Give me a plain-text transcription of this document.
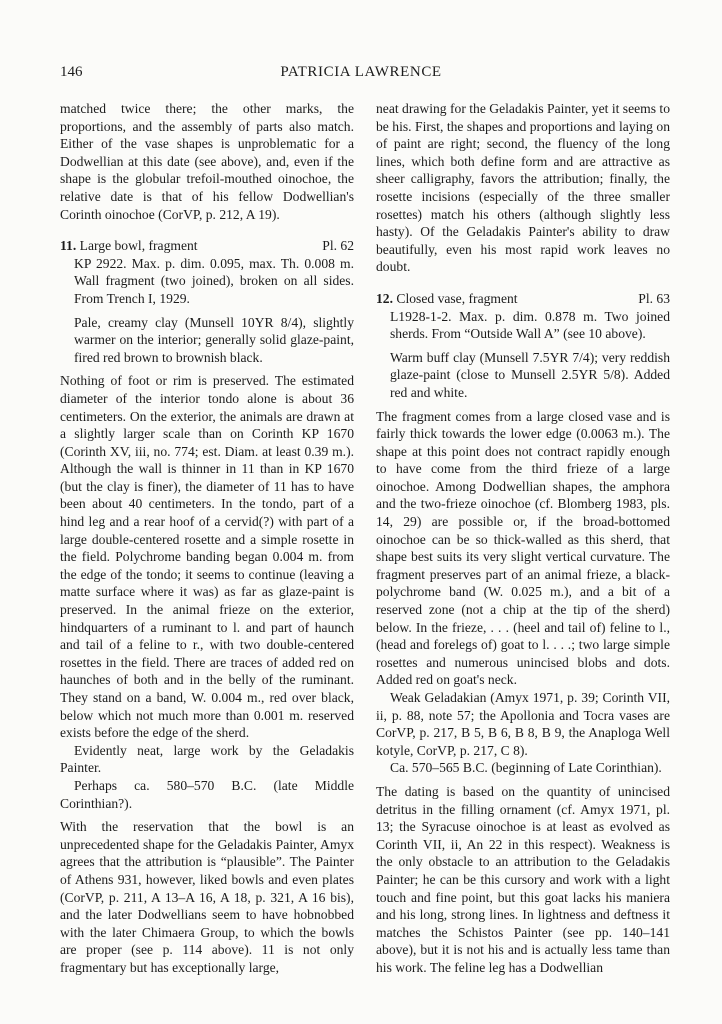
146	PATRICIA LAWRENCE

matched twice there; the other marks, the proportions, and the assembly of parts also match. Either of the vase shapes is unproblematic for a Dodwellian at this date (see above), and, even if the shape is the globular trefoil-mouthed oinochoe, the relative date is that of his fellow Dodwellian's Corinth oinochoe (CorVP, p. 212, A 19).

11. Large bowl, fragment	Pl. 62

KP 2922. Max. p. dim. 0.095, max. Th. 0.008 m. Wall fragment (two joined), broken on all sides. From Trench I, 1929.

Pale, creamy clay (Munsell 10YR 8/4), slightly warmer on the interior; generally solid glaze-paint, fired red brown to brownish black.

Nothing of foot or rim is preserved. The estimated diameter of the interior tondo alone is about 36 centimeters. On the exterior, the animals are drawn at a slightly larger scale than on Corinth KP 1670 (Corinth XV, iii, no. 774; est. Diam. at least 0.39 m.). Although the wall is thinner in 11 than in KP 1670 (but the clay is finer), the diameter of 11 has to have been about 40 centimeters. In the tondo, part of a hind leg and a rear hoof of a cervid(?) with part of a large double-centered rosette and a simple rosette in the field. Polychrome banding began 0.004 m. from the edge of the tondo; it seems to continue (leaving a matte surface where it was) as far as glaze-paint is preserved. In the animal frieze on the exterior, hindquarters of a ruminant to l. and part of haunch and tail of a feline to r., with two double-centered rosettes in the field. There are traces of added red on haunches of both and in the belly of the ruminant. They stand on a band, W. 0.004 m., red over black, below which not much more than 0.001 m. reserved exists before the edge of the sherd.

Evidently neat, large work by the Geladakis Painter.

Perhaps ca. 580–570 B.C. (late Middle Corinthian?).

With the reservation that the bowl is an unprecedented shape for the Geladakis Painter, Amyx agrees that the attribution is “plausible”. The Painter of Athens 931, however, liked bowls and even plates (CorVP, p. 211, A 13–A 16, A 18, p. 321, A 16 bis), and the later Dodwellians seem to have hobnobbed with the later Chimaera Group, to which the bowls are proper (see p. 114 above). 11 is not only fragmentary but has exceptionally large,

neat drawing for the Geladakis Painter, yet it seems to be his. First, the shapes and proportions and laying on of paint are right; second, the fluency of the long lines, which both define form and are attractive as sheer calligraphy, favors the attribution; finally, the rosette incisions (especially of the three smaller rosettes) match his others (although slightly less hasty). Of the Geladakis Painter's ability to draw beautifully, even his most rapid work leaves no doubt.

12. Closed vase, fragment	Pl. 63

L1928-1-2. Max. p. dim. 0.878 m. Two joined sherds. From “Outside Wall A” (see 10 above).

Warm buff clay (Munsell 7.5YR 7/4); very reddish glaze-paint (close to Munsell 2.5YR 5/8). Added red and white.

The fragment comes from a large closed vase and is fairly thick towards the lower edge (0.0063 m.). The shape at this point does not contract rapidly enough to have come from the third frieze of a large oinochoe. Among Dodwellian shapes, the amphora and the two-frieze oinochoe (cf. Blomberg 1983, pls. 14, 29) are possible or, if the broad-bottomed oinochoe can be so thick-walled as this sherd, that shape best suits its very slight vertical curvature. The fragment preserves part of an animal frieze, a black-polychrome band (W. 0.025 m.), and a bit of a reserved zone (not a chip at the tip of the sherd) below. In the frieze, . . . (heel and tail of) feline to l., (head and forelegs of) goat to l. . . .; two large simple rosettes and numerous unincised blobs and dots. Added red on goat's neck.

Weak Geladakian (Amyx 1971, p. 39; Corinth VII, ii, p. 88, note 57; the Apollonia and Tocra vases are CorVP, p. 217, B 5, B 6, B 8, B 9, the Anaploga Well kotyle, CorVP, p. 217, C 8).

Ca. 570–565 B.C. (beginning of Late Corinthian).

The dating is based on the quantity of unincised detritus in the filling ornament (cf. Amyx 1971, pl. 13; the Syracuse oinochoe is at least as evolved as Corinth VII, ii, An 22 in this respect). Weakness is the only obstacle to an attribution to the Geladakis Painter; he can be this cursory and work with a light touch and fine point, but this goat lacks his maniera and his long, strong lines. In lightness and deftness it matches the Schistos Painter (see pp. 140–141 above), but it is not his and is actually less tame than his work. The feline leg has a Dodwellian
